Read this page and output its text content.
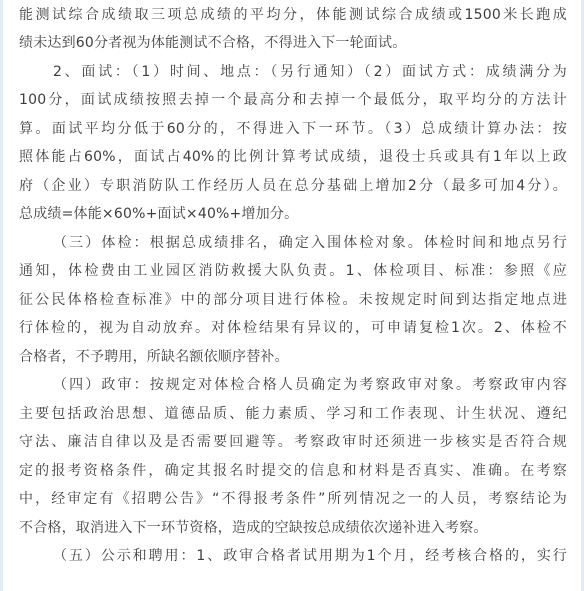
能测试综合成绩取三项总成绩的平均分，体能测试综合成绩或1500米长跑成
绩未达到60分者视为体能测试不合格，不得进入下一轮面试。
2、面试：（1）时间、地点：（另行通知）（2）面试方式：成绩满分为
100分，面试成绩按照去掉一个最高分和去掉一个最低分，取平均分的方法计
算。面试平均分低于60分的，不得进入下一环节。（3）总成绩计算办法：按
照体能占60%，面试占40%的比例计算考试成绩，退役士兵或具有1年以上政
府（企业）专职消防队工作经历人员在总分基础上增加2分（最多可加4分）。
总成绩=体能×60%+面试×40%+增加分。
（三）体检：根据总成绩排名，确定入围体检对象。体检时间和地点另行
通知，体检费由工业园区消防救援大队负责。1、体检项目、标准：参照《应
征公民体格检查标准》中的部分项目进行体检。未按规定时间到达指定地点进
行体检的，视为自动放弃。对体检结果有异议的，可申请复检1次。2、体检不
合格者，不予聘用，所缺名额依顺序替补。
（四）政审：按规定对体检合格人员确定为考察政审对象。考察政审内容
主要包括政治思想、道德品质、能力素质、学习和工作表现、计生状况、遵纪
守法、廉洁自律以及是否需要回避等。考察政审时还须进一步核实是否符合规
定的报考资格条件，确定其报名时提交的信息和材料是否真实、准确。在考察
中，经审定有《招聘公告》“不得报考条件”所列情况之一的人员，考察结论为
不合格，取消进入下一环节资格，造成的空缺按总成绩依次递补进入考察。
（五）公示和聘用：1、政审合格者试用期为1个月，经考核合格的，实行
